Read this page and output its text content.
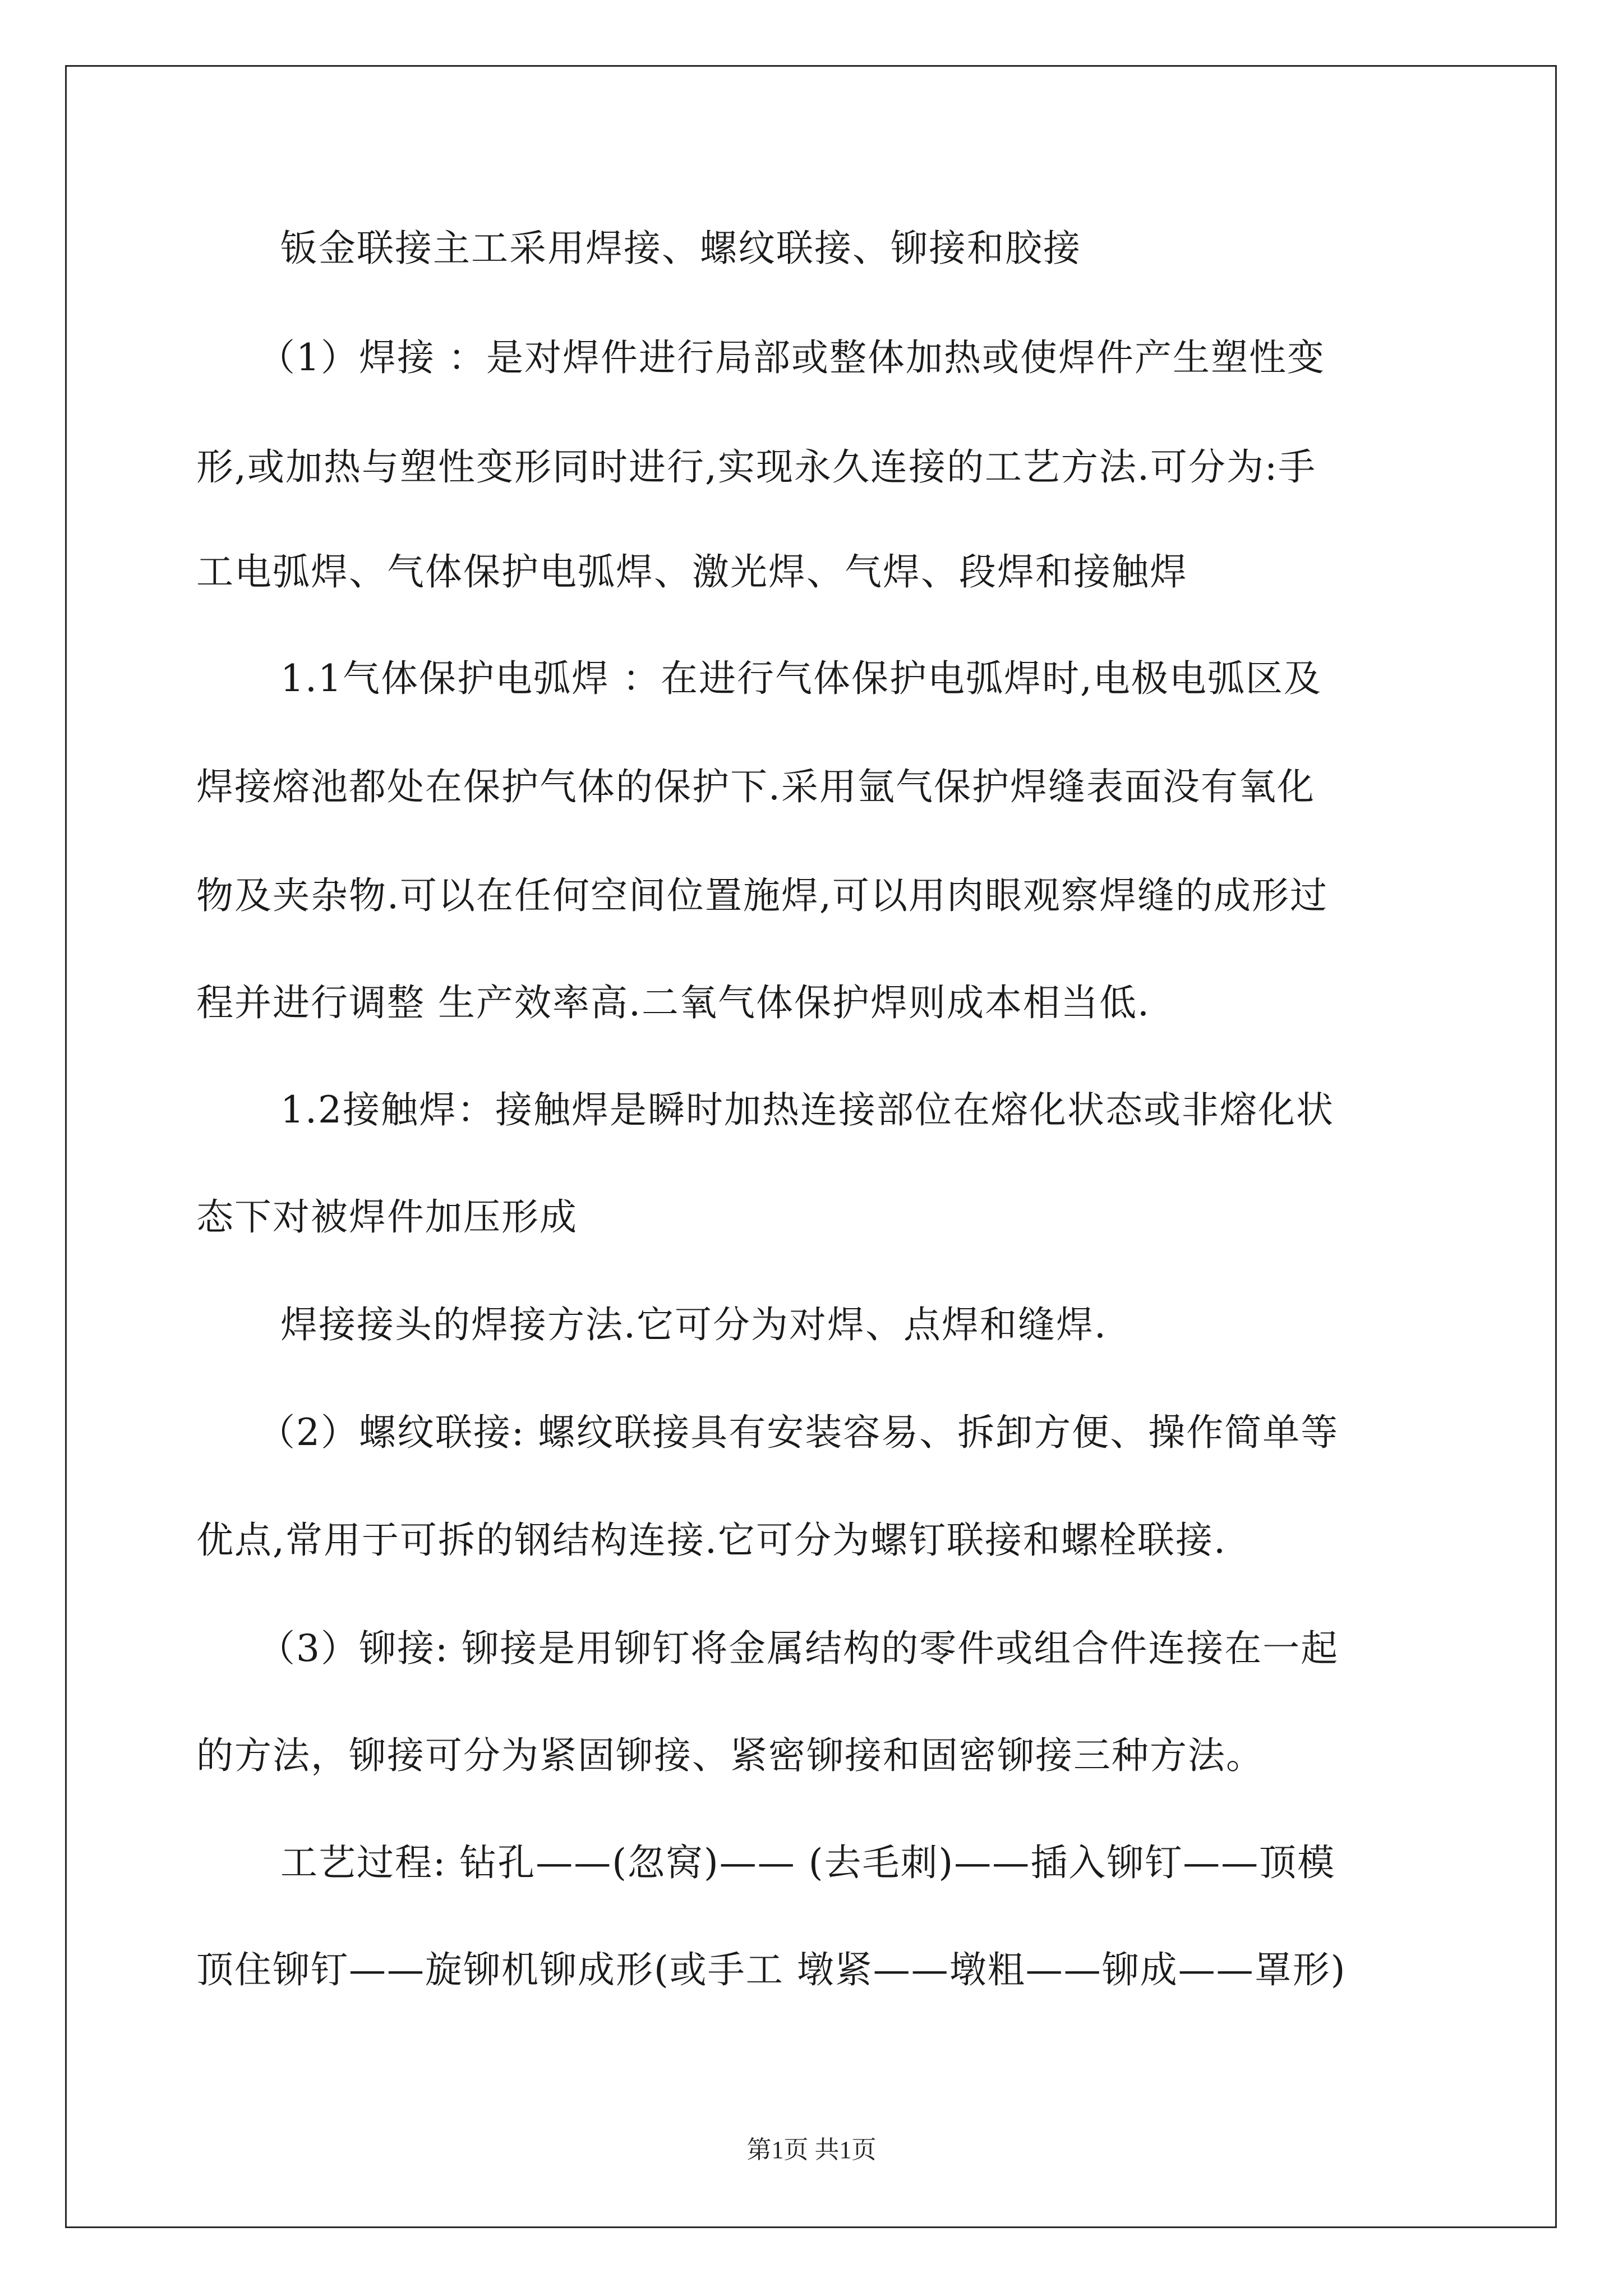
钣金联接主工采用焊接、螺纹联接、铆接和胶接
（1）焊接 ：是对焊件进行局部或整体加热或使焊件产生塑性变
形,或加热与塑性变形同时进行,实现永久连接的工艺方法.可分为:手
工电弧焊、气体保护电弧焊、激光焊、气焊、段焊和接触焊
1.1气体保护电弧焊 ：在进行气体保护电弧焊时,电极电弧区及
焊接熔池都处在保护气体的保护下.采用氩气保护焊缝表面没有氧化
物及夹杂物.可以在任何空间位置施焊,可以用肉眼观察焊缝的成形过
程并进行调整 生产效率高.二氧气体保护焊则成本相当低.
1.2接触焊：接触焊是瞬时加热连接部位在熔化状态或非熔化状
态下对被焊件加压形成
焊接接头的焊接方法.它可分为对焊、点焊和缝焊.
（2）螺纹联接: 螺纹联接具有安装容易、拆卸方便、操作简单等
优点,常用于可拆的钢结构连接.它可分为螺钉联接和螺栓联接.
（3）铆接: 铆接是用铆钉将金属结构的零件或组合件连接在一起
的方法，铆接可分为紧固铆接、紧密铆接和固密铆接三种方法。
工艺过程: 钻孔——(忽窝)—— (去毛刺)——插入铆钉——顶模
顶住铆钉——旋铆机铆成形(或手工 墩紧——墩粗——铆成——罩形)
第1页 共1页
